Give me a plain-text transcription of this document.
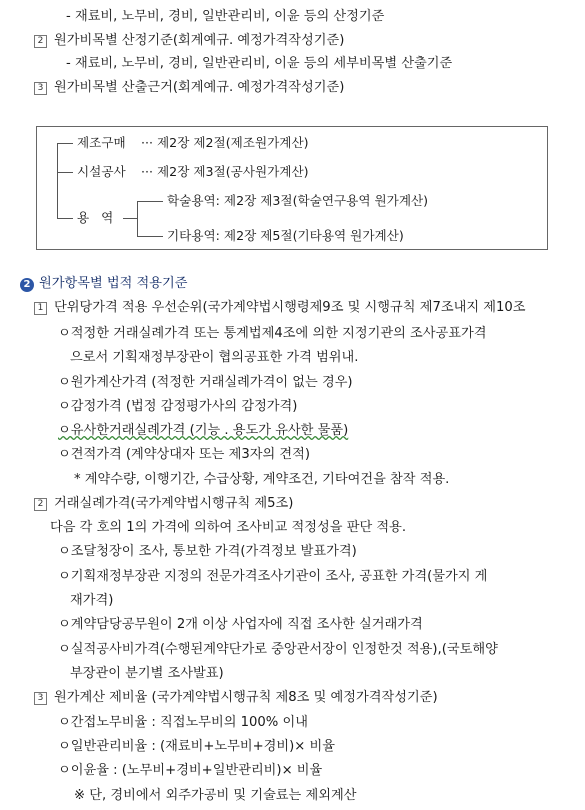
- 재료비, 노무비, 경비, 일반관리비, 이윤 등의 산정기준
2 원가비목별 산정기준(회계예규. 예정가격작성기준)
- 재료비, 노무비, 경비, 일반관리비, 이윤 등의 세부비목별 산출기준
3 원가비목별 산출근거(회계예규. 예정가격작성기준)
제조구매 ··· 제2장 제2절(제조원가계산)
시설공사 ··· 제2장 제3절(공사원가계산)
용   역
학술용역: 제2장 제3절(학술연구용역 원가계산)
기타용역: 제2장 제5절(기타용역 원가계산)
2 원가항목별 법적 적용기준
1 단위당가격 적용 우선순위(국가계약법시행령제9조 및 시행규칙 제7조내지 제10조
ㅇ적정한 거래실례가격 또는 통계법제4조에 의한 지정기관의 조사공표가격
으로서 기획재정부장관이 협의공표한 가격 범위내.
ㅇ원가계산가격 (적정한 거래실례가격이 없는 경우)
ㅇ감정가격 (법정 감정평가사의 감정가격)
ㅇ유사한거래실례가격 (기능 . 용도가 유사한 물품)
ㅇ견적가격 (계약상대자 또는 제3자의 견적)
* 계약수량, 이행기간, 수급상황, 계약조건, 기타여건을 참작 적용.
2 거래실례가격(국가계약법시행규칙 제5조)
다음 각 호의 1의 가격에 의하여 조사비교 적정성을 판단 적용.
ㅇ조달청장이 조사, 통보한 가격(가격정보 발표가격)
ㅇ기획재정부장관 지정의 전문가격조사기관이 조사, 공표한 가격(물가지 게
재가격)
ㅇ계약담당공무원이 2개 이상 사업자에 직접 조사한 실거래가격
ㅇ실적공사비가격(수행된계약단가로 중앙관서장이 인정한것 적용),(국토해양
부장관이 분기별 조사발표)
3 원가계산 제비율 (국가계약법시행규칙 제8조 및 예정가격작성기준)
ㅇ간접노무비율 : 직접노무비의 100% 이내
ㅇ일반관리비율 : (재료비+노무비+경비)× 비율
ㅇ이윤율 : (노무비+경비+일반관리비)× 비율
※ 단, 경비에서 외주가공비 및 기술료는 제외계산
